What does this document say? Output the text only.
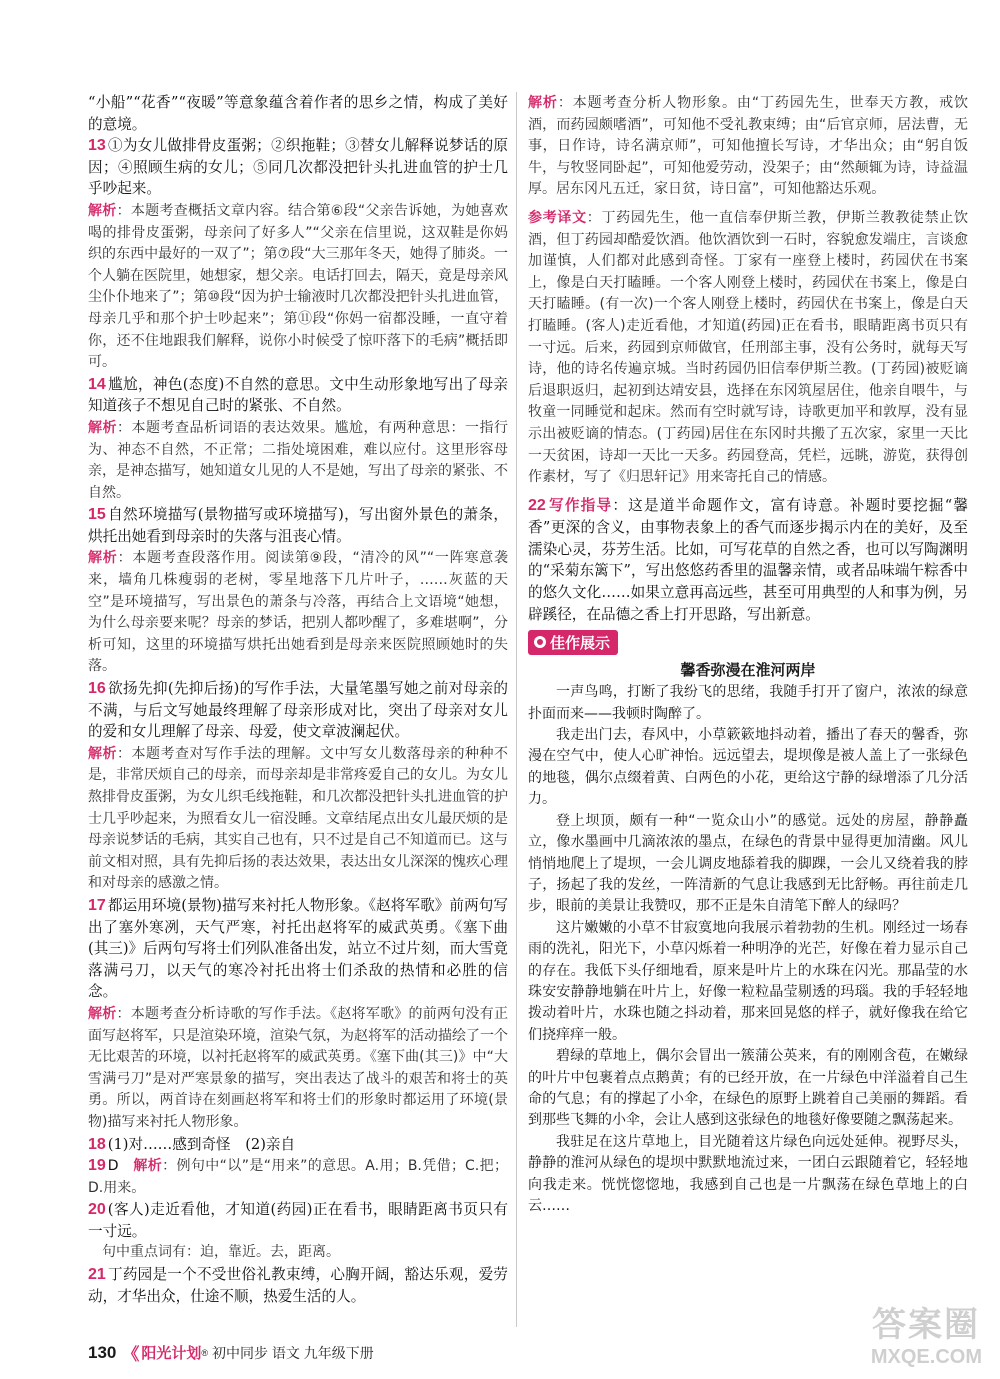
“小船”“花香”“夜暖”等意象蕴含着作者的思乡之情，构成了美好的意境。

13 ①为女儿做排骨皮蛋粥；②织拖鞋；③替女儿解释说梦话的原因；④照顾生病的女儿；⑤同几次都没把针头扎进血管的护士几乎吵起来。

解析：本题考查概括文章内容。结合第⑥段“父亲告诉她，为她喜欢喝的排骨皮蛋粥，母亲问了好多人”“父亲在信里说，这双鞋是你妈织的东西中最好的一双了”；第⑦段“大三那年冬天，她得了肺炎。一个人躺在医院里，她想家，想父亲。电话打回去，隔天，竟是母亲风尘仆仆地来了”；第⑩段“因为护士输液时几次都没把针头扎进血管，母亲几乎和那个护士吵起来”；第⑪段“你妈一宿都没睡，一直守着你，还不住地跟我们解释，说你小时候受了惊吓落下的毛病”概括即可。

14 尴尬，神色(态度)不自然的意思。文中生动形象地写出了母亲知道孩子不想见自己时的紧张、不自然。

解析：本题考查品析词语的表达效果。尴尬，有两种意思：一指行为、神态不自然，不正常；二指处境困难，难以应付。这里形容母亲，是神态描写，她知道女儿见的人不是她，写出了母亲的紧张、不自然。

15 自然环境描写(景物描写或环境描写)，写出窗外景色的萧条，烘托出她看到母亲时的失落与沮丧心情。

解析：本题考查段落作用。阅读第⑨段，“清冷的风”“一阵寒意袭来，墙角几株瘦弱的老树，零星地落下几片叶子，……灰蓝的天空”是环境描写，写出景色的萧条与冷落，再结合上文语境“她想，为什么母亲要来呢？母亲的梦话，把别人都吵醒了，多难堪啊”，分析可知，这里的环境描写烘托出她看到是母亲来医院照顾她时的失落。

16 欲扬先抑(先抑后扬)的写作手法，大量笔墨写她之前对母亲的不满，与后文写她最终理解了母亲形成对比，突出了母亲对女儿的爱和女儿理解了母亲、母爱，使文章波澜起伏。

解析：本题考查对写作手法的理解。文中写女儿数落母亲的种种不是，非常厌烦自己的母亲，而母亲却是非常疼爱自己的女儿。为女儿熬排骨皮蛋粥，为女儿织毛线拖鞋，和几次都没把针头扎进血管的护士几乎吵起来，为照看女儿一宿没睡。文章结尾点出女儿最厌烦的是母亲说梦话的毛病，其实自己也有，只不过是自己不知道而已。这与前文相对照，具有先抑后扬的表达效果，表达出女儿深深的愧疚心理和对母亲的感激之情。

17 都运用环境(景物)描写来衬托人物形象。《赵将军歌》前两句写出了塞外寒冽，天气严寒，衬托出赵将军的威武英勇。《塞下曲(其三)》后两句写将士们列队准备出发，站立不过片刻，而大雪竟落满弓刀，以天气的寒冷衬托出将士们杀敌的热情和必胜的信念。

解析：本题考查分析诗歌的写作手法。《赵将军歌》的前两句没有正面写赵将军，只是渲染环境，渲染气氛，为赵将军的活动描绘了一个无比艰苦的环境，以衬托赵将军的威武英勇。《塞下曲(其三)》中“大雪满弓刀”是对严寒景象的描写，突出表达了战斗的艰苦和将士的英勇。所以，两首诗在刻画赵将军和将士们的形象时都运用了环境(景物)描写来衬托人物形象。

18 (1)对……感到奇怪　(2)亲自

19 D　 解析：例句中“以”是“用来”的意思。A.用；B.凭借；C.把；D.用来。

20 (客人)走近看他，才知道(药园)正在看书，眼睛距离书页只有一寸远。

句中重点词有：迫，靠近。去，距离。

21 丁药园是一个不受世俗礼教束缚，心胸开阔，豁达乐观，爱劳动，才华出众，仕途不顺，热爱生活的人。

解析：本题考查分析人物形象。由“丁药园先生，世奉天方教，戒饮酒，而药园颇嗜酒”，可知他不受礼教束缚；由“后官京师，居法曹，无事，日作诗，诗名满京师”，可知他擅长写诗，才华出众；由“躬自饭牛，与牧竖同卧起”，可知他爱劳动，没架子；由“然颠辄为诗，诗益温厚。居东冈凡五迁，家日贫，诗日富”，可知他豁达乐观。

参考译文：丁药园先生，他一直信奉伊斯兰教，伊斯兰教教徒禁止饮酒，但丁药园却酷爱饮酒。他饮酒饮到一石时，容貌愈发端庄，言谈愈加谨慎，人们都对此感到奇怪。丁家有一座登上楼时，药园伏在书案上，像是白天打瞌睡。一个客人刚登上楼时，药园伏在书案上，像是白天打瞌睡。(有一次)一个客人刚登上楼时，药园伏在书案上，像是白天打瞌睡。(客人)走近看他，才知道(药园)正在看书，眼睛距离书页只有一寸远。后来，药园到京师做官，任刑部主事，没有公务时，就每天写诗，他的诗名传遍京城。当时药园仍旧信奉伊斯兰教。(丁药园)被贬谪后退职返归，起初到达靖安县，选择在东冈筑屋居住，他亲自喂牛，与牧童一同睡觉和起床。然而有空时就写诗，诗歌更加平和敦厚，没有显示出被贬谪的情态。(丁药园)居住在东冈时共搬了五次家，家里一天比一天贫困，诗却一天比一天多。药园登高，凭栏，远眺，游览，获得创作素材，写了《归思轩记》用来寄托自己的情感。

22 写作指导：这是道半命题作文，富有诗意。补题时要挖掘“馨香”更深的含义，由事物表象上的香气而逐步揭示内在的美好，及至濡染心灵，芬芳生活。比如，可写花草的自然之香，也可以写陶渊明的“采菊东篱下”，写出悠悠药香里的温馨亲情，或者品味端午粽香中的悠久文化……如果立意再高远些，甚至可用典型的人和事为例，另辟蹊径，在品德之香上打开思路，写出新意。

佳作展示
馨香弥漫在淮河两岸

一声鸟鸣，打断了我纷飞的思绪，我随手打开了窗户，浓浓的绿意扑面而来——我顿时陶醉了。

我走出门去，春风中，小草簌簌地抖动着，播出了春天的馨香，弥漫在空气中，使人心旷神怡。远远望去，堤坝像是被人盖上了一张绿色的地毯，偶尔点缀着黄、白两色的小花，更给这宁静的绿增添了几分活力。

登上坝顶，颇有一种“一览众山小”的感觉。远处的房屋，静静矗立，像水墨画中几滴浓浓的墨点，在绿色的背景中显得更加清幽。风儿悄悄地爬上了堤坝，一会儿调皮地舔着我的脚踝，一会儿又绕着我的脖子，扬起了我的发丝，一阵清新的气息让我感到无比舒畅。再往前走几步，眼前的美景让我赞叹，那不正是朱自清笔下醉人的绿吗？

这片嫩嫩的小草不甘寂寞地向我展示着勃勃的生机。刚经过一场春雨的洗礼，阳光下，小草闪烁着一种明净的光芒，好像在着力显示自己的存在。我低下头仔细地看，原来是叶片上的水珠在闪光。那晶莹的水珠安安静静地躺在叶片上，好像一粒粒晶莹剔透的玛瑙。我的手轻轻地拨动着叶片，水珠也随之抖动着，那来回晃悠的样子，就好像我在给它们挠痒痒一般。

碧绿的草地上，偶尔会冒出一簇蒲公英来，有的刚刚含苞，在嫩绿的叶片中包裹着点点鹅黄；有的已经开放，在一片绿色中洋溢着自己生命的气息；有的撑起了小伞，在绿色的原野上跳着自己美丽的舞蹈。看到那些飞舞的小伞，会让人感到这张绿色的地毯好像要随之飘荡起来。

我驻足在这片草地上，目光随着这片绿色向远处延伸。视野尽头，静静的淮河从绿色的堤坝中默默地流过来，一团白云跟随着它，轻轻地向我走来。恍恍惚惚地，我感到自己也是一片飘荡在绿色草地上的白云……

130 《 阳光计划 ® 初中同步 语文 九年级下册
答案圈
MXQE.COM
